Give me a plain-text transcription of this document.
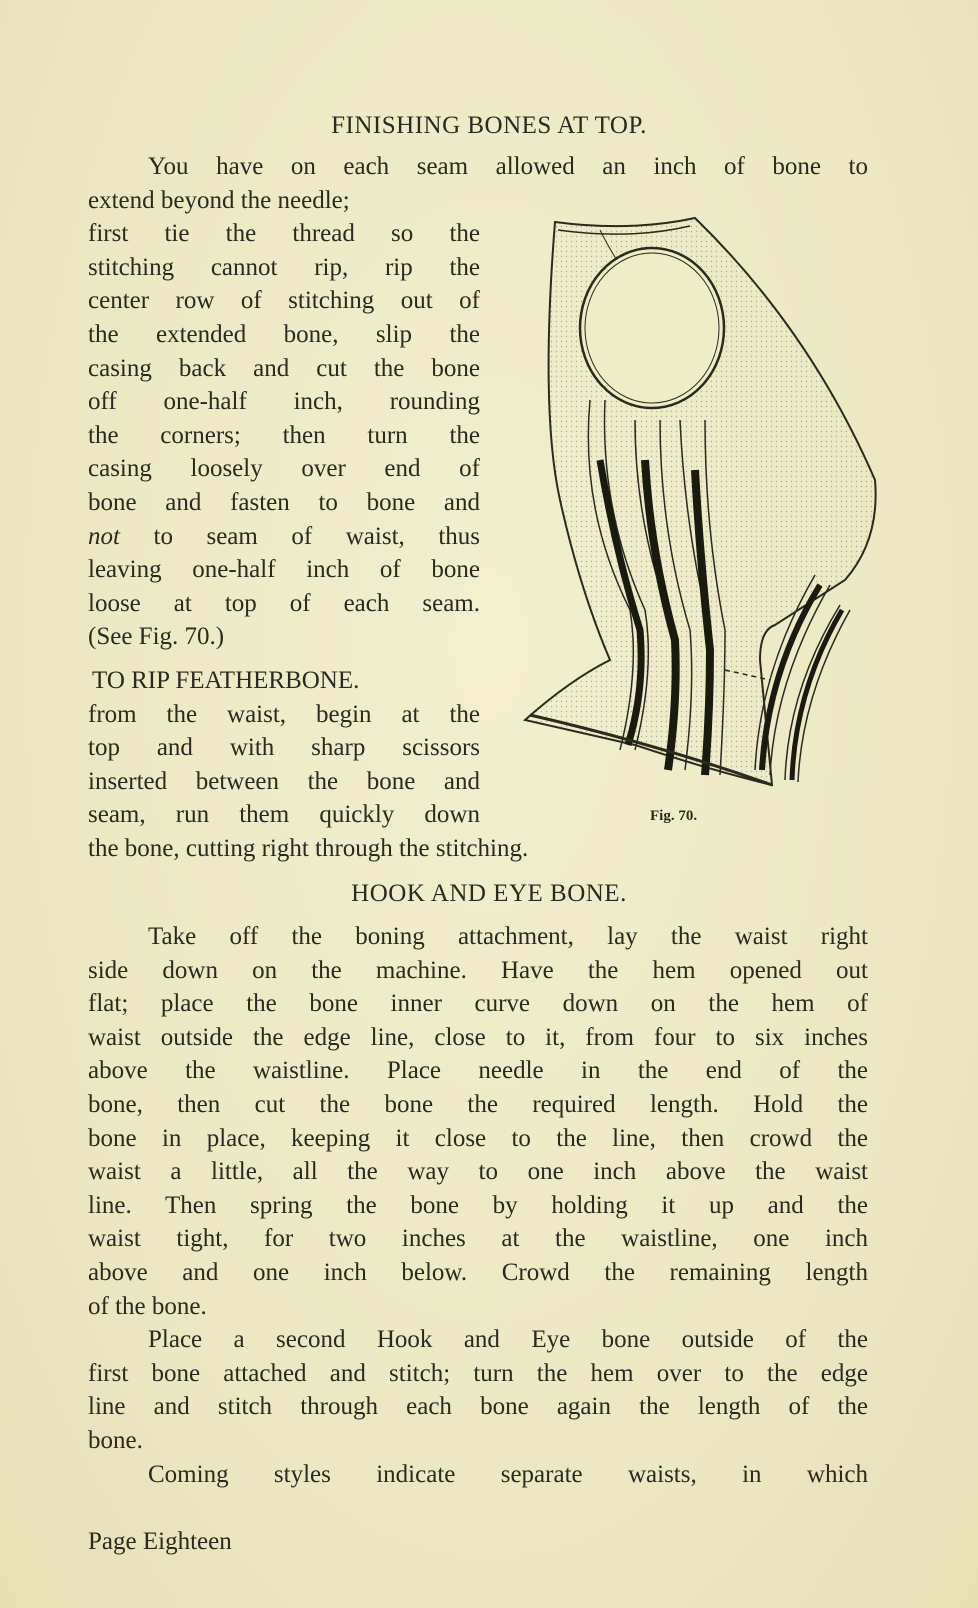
FINISHING BONES AT TOP.
You have on each seam allowed an inch of bone to
extend beyond the needle;
first tie the thread so the
stitching cannot rip, rip the
center row of stitching out of
the extended bone, slip the
casing back and cut the bone
off one-half inch, rounding
the corners; then turn the
casing loosely over end of
bone and fasten to bone and
not to seam of waist, thus
leaving one-half inch of bone
loose at top of each seam.
(See Fig. 70.)
TO RIP FEATHERBONE.
from the waist, begin at the
top and with sharp scissors
inserted between the bone and
seam, run them quickly down
the bone, cutting right through the stitching.
Fig. 70.
HOOK AND EYE BONE.
Take off the boning attachment, lay the waist right
side down on the machine. Have the hem opened out
flat; place the bone inner curve down on the hem of
waist outside the edge line, close to it, from four to six inches
above the waistline. Place needle in the end of the
bone, then cut the bone the required length. Hold the
bone in place, keeping it close to the line, then crowd the
waist a little, all the way to one inch above the waist
line. Then spring the bone by holding it up and the
waist tight, for two inches at the waistline, one inch
above and one inch below. Crowd the remaining length
of the bone.
Place a second Hook and Eye bone outside of the
first bone attached and stitch; turn the hem over to the edge
line and stitch through each bone again the length of the
bone.
Coming styles indicate separate waists, in which
Page Eighteen
